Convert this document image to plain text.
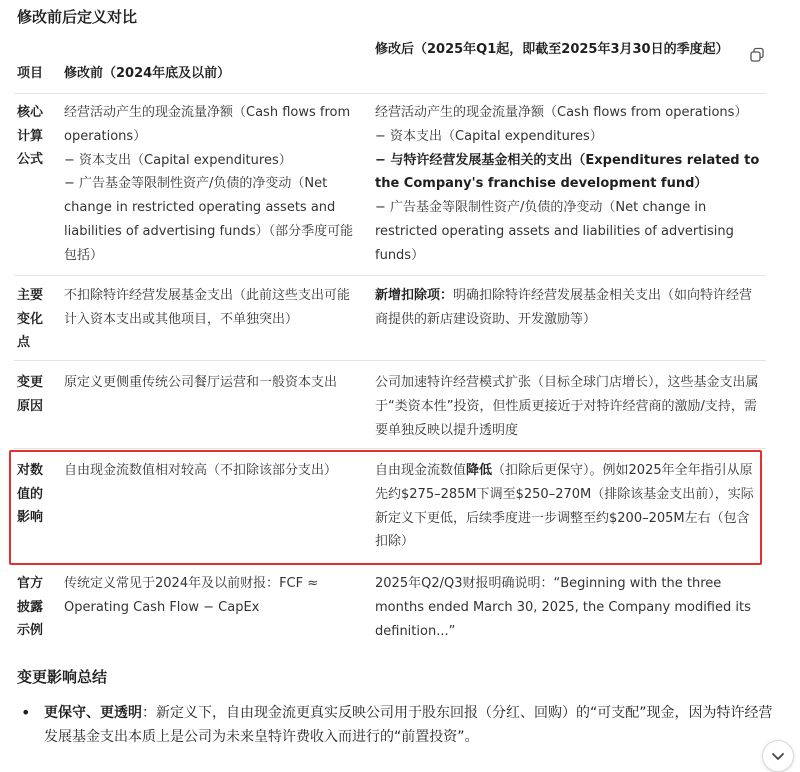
修改前后定义对比
项目 修改前（2024年底及以前）
修改后（2025年Q1起，即截至2025年3月30日的季度起）
核心计算公式
经营活动产生的现金流量净额（Cash flows from operations）
− 资本支出（Capital expenditures）
− 广告基金等限制性资产/负债的净变动（Net change in restricted operating assets and liabilities of advertising funds）（部分季度可能包括）
经营活动产生的现金流量净额（Cash flows from operations）
− 资本支出（Capital expenditures）
− 与特许经营发展基金相关的支出（Expenditures related to the Company's franchise development fund）
− 广告基金等限制性资产/负债的净变动（Net change in restricted operating assets and liabilities of advertising funds）
主要变化点
不扣除特许经营发展基金支出（此前这些支出可能计入资本支出或其他项目，不单独突出）
新增扣除项：明确扣除特许经营发展基金相关支出（如向特许经营商提供的新店建设资助、开发激励等）
变更原因
原定义更侧重传统公司餐厅运营和一般资本支出	公司加速特许经营模式扩张（目标全球门店增长），这些基金支出属于“类资本性”投资，但性质更接近于对特许经营商的激励/支持，需要单独反映以提升透明度
对数值的影响
自由现金流数值相对较高（不扣除该部分支出）	自由现金流数值降低（扣除后更保守）。例如2025年全年指引从原先约$275–285M下调至$250–270M（排除该基金支出前），实际新定义下更低，后续季度进一步调整至约$200–205M左右（包含扣除）
官方披露示例
传统定义常见于2024年及以前财报：FCF ≈ Operating Cash Flow − CapEx
2025年Q2/Q3财报明确说明：“Beginning with the three months ended March 30, 2025, the Company modified its definition...”
变更影响总结
• 更保守、更透明：新定义下，自由现金流更真实反映公司用于股东回报（分红、回购）的“可支配”现金，因为特许经营发展基金支出本质上是公司为未来皇特许费收入而进行的“前置投资”。
